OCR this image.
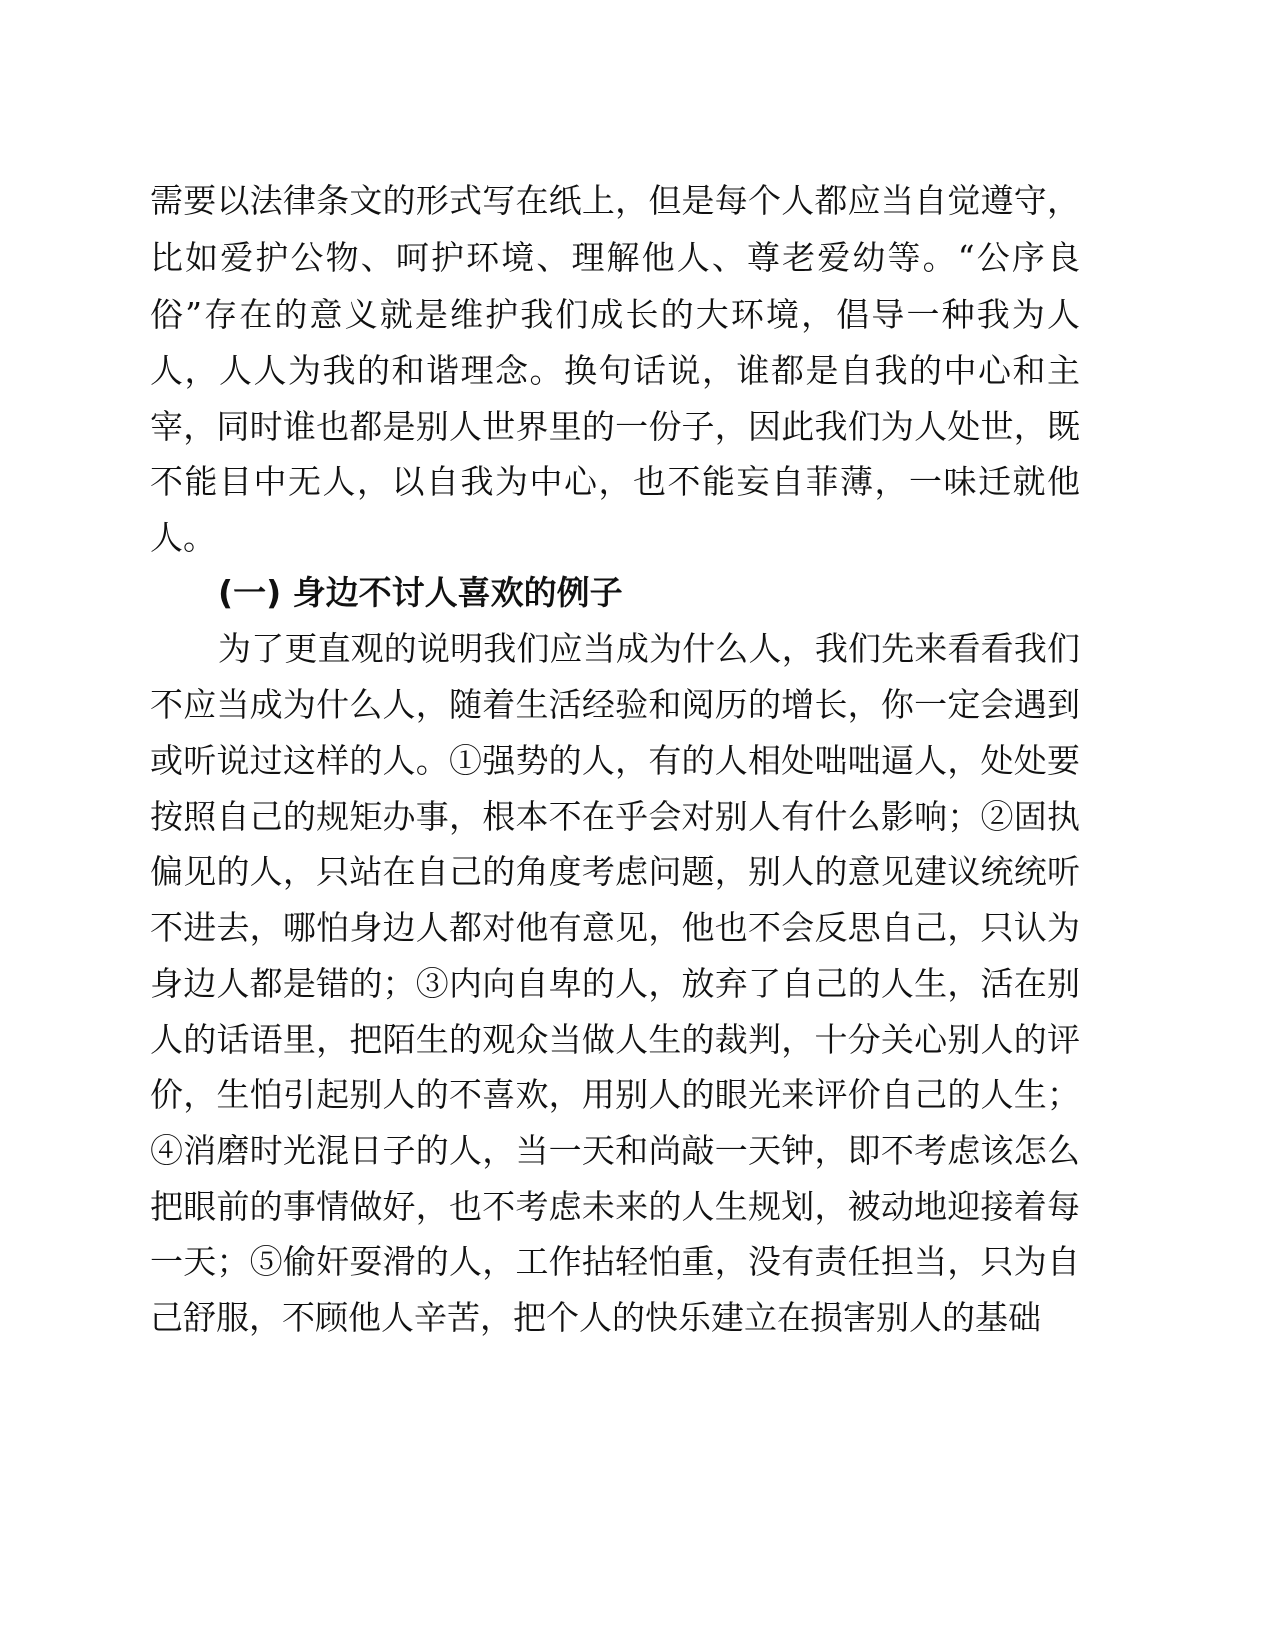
需要以法律条文的形式写在纸上，但是每个人都应当自觉遵守，
比如爱护公物、呵护环境、理解他人、尊老爱幼等。“公序良
俗”存在的意义就是维护我们成长的大环境，倡导一种我为人
人，人人为我的和谐理念。换句话说，谁都是自我的中心和主
宰，同时谁也都是别人世界里的一份子，因此我们为人处世，既
不能目中无人，以自我为中心，也不能妄自菲薄，一味迁就他
人。
(一) 身边不讨人喜欢的例子
为了更直观的说明我们应当成为什么人，我们先来看看我们
不应当成为什么人，随着生活经验和阅历的增长，你一定会遇到
或听说过这样的人。①强势的人，有的人相处咄咄逼人，处处要
按照自己的规矩办事，根本不在乎会对别人有什么影响；②固执
偏见的人，只站在自己的角度考虑问题，别人的意见建议统统听
不进去，哪怕身边人都对他有意见，他也不会反思自己，只认为
身边人都是错的；③内向自卑的人，放弃了自己的人生，活在别
人的话语里，把陌生的观众当做人生的裁判，十分关心别人的评
价，生怕引起别人的不喜欢，用别人的眼光来评价自己的人生；
④消磨时光混日子的人，当一天和尚敲一天钟，即不考虑该怎么
把眼前的事情做好，也不考虑未来的人生规划，被动地迎接着每
一天；⑤偷奸耍滑的人，工作拈轻怕重，没有责任担当，只为自
己舒服，不顾他人辛苦，把个人的快乐建立在损害别人的基础
